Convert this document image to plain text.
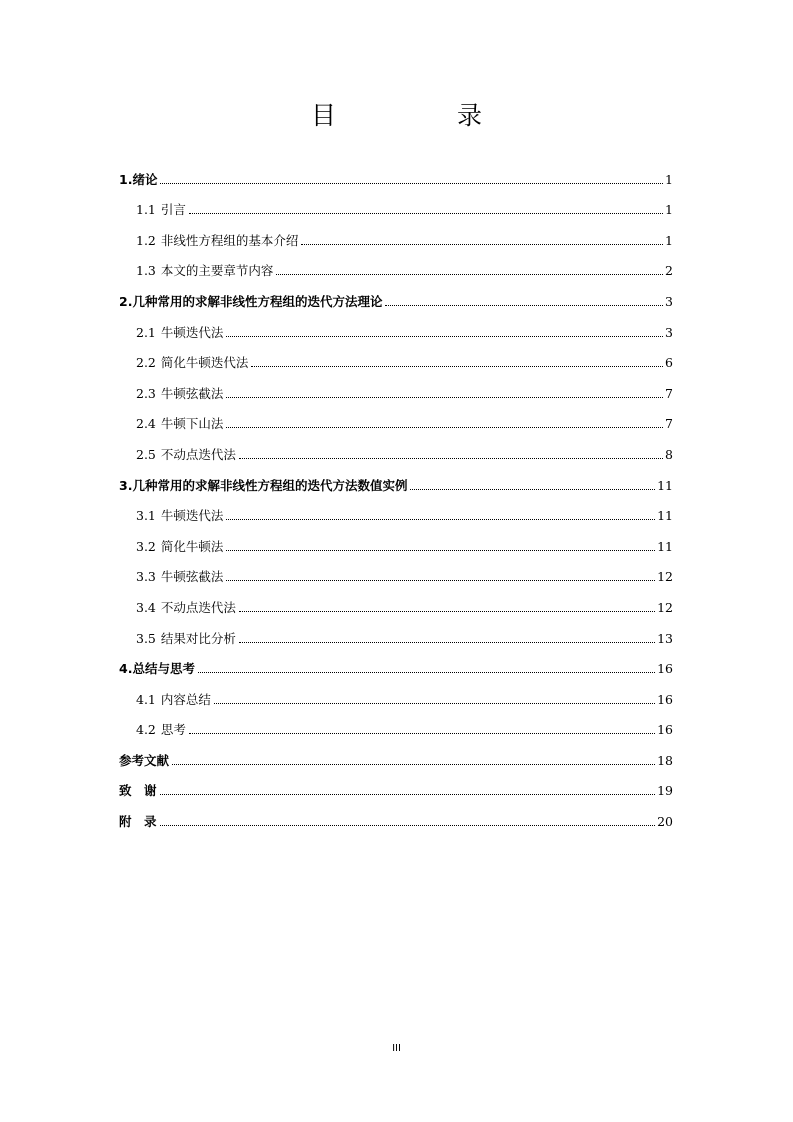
目　录
1.绪论	1
1.1 引言	1
1.2 非线性方程组的基本介绍	1
1.3 本文的主要章节内容	2
2.几种常用的求解非线性方程组的迭代方法理论	3
2.1 牛顿迭代法	3
2.2 简化牛顿迭代法	6
2.3 牛顿弦截法	7
2.4 牛顿下山法	7
2.5 不动点迭代法	8
3.几种常用的求解非线性方程组的迭代方法数值实例	11
3.1 牛顿迭代法	11
3.2 简化牛顿法	11
3.3 牛顿弦截法	12
3.4 不动点迭代法	12
3.5 结果对比分析	13
4.总结与思考	16
4.1 内容总结	16
4.2 思考	16
参考文献	18
致　谢	19
附　录	20
III
